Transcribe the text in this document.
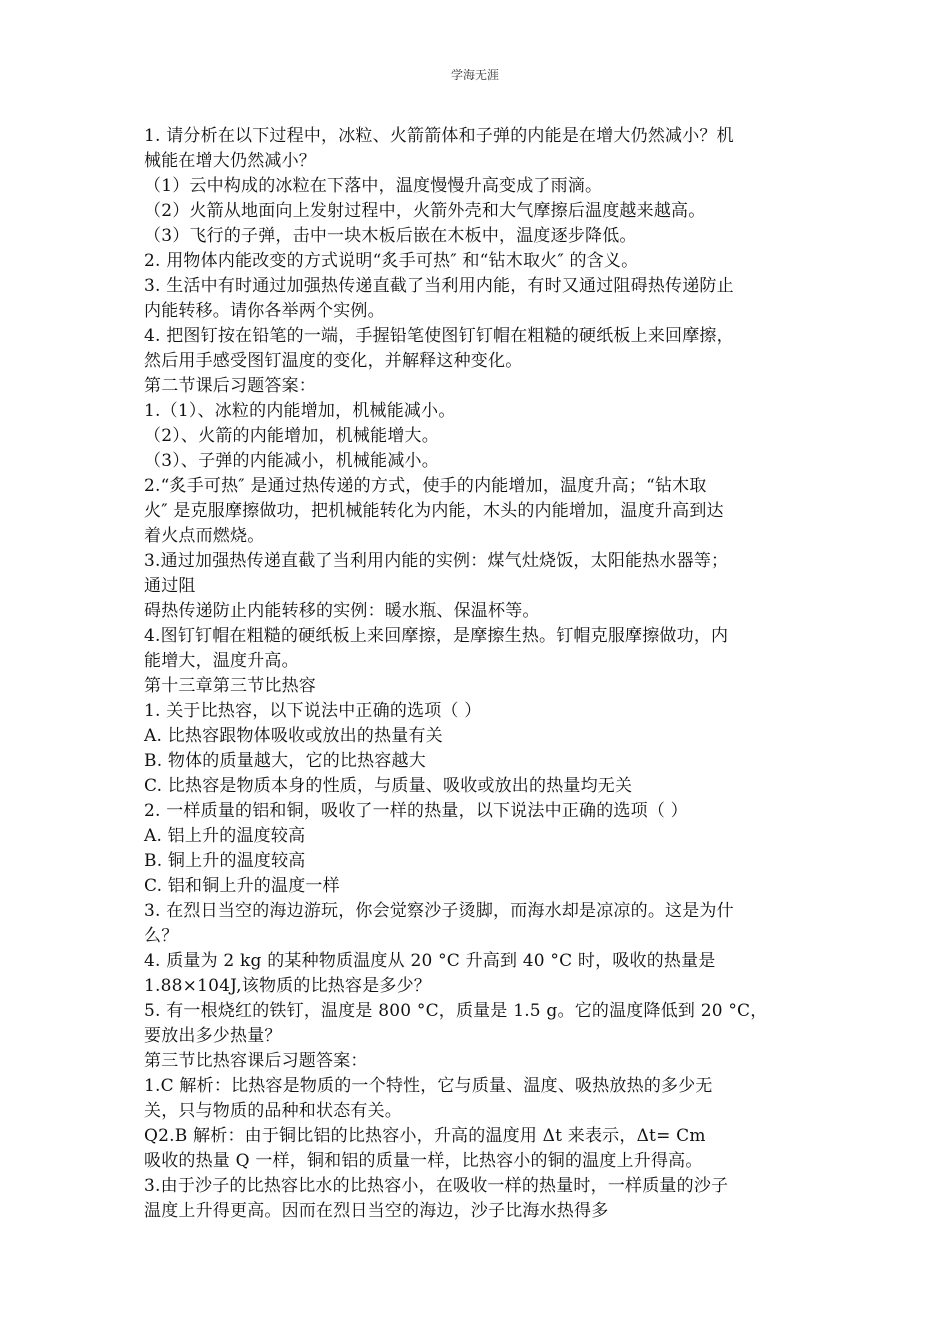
学海无涯
1. 请分析在以下过程中，冰粒、火箭箭体和子弹的内能是在增大仍然减小？机
械能在增大仍然减小？
（1）云中构成的冰粒在下落中，温度慢慢升高变成了雨滴。
（2）火箭从地面向上发射过程中，火箭外壳和大气摩擦后温度越来越高。
（3）飞行的子弹，击中一块木板后嵌在木板中，温度逐步降低。
2. 用物体内能改变的方式说明“炙手可热″ 和“钻木取火″ 的含义。
3. 生活中有时通过加强热传递直截了当利用内能，有时又通过阻碍热传递防止
内能转移。请你各举两个实例。
4. 把图钉按在铅笔的一端，手握铅笔使图钉钉帽在粗糙的硬纸板上来回摩擦，
然后用手感受图钉温度的变化，并解释这种变化。
第二节课后习题答案：
1.（1）、冰粒的内能增加，机械能减小。
（2）、火箭的内能增加，机械能增大。
（3）、子弹的内能减小，机械能减小。
2.“炙手可热″ 是通过热传递的方式，使手的内能增加，温度升高；“钻木取
火″ 是克服摩擦做功，把机械能转化为内能，木头的内能增加，温度升高到达
着火点而燃烧。
3.通过加强热传递直截了当利用内能的实例：煤气灶烧饭，太阳能热水器等；
通过阻
碍热传递防止内能转移的实例：暖水瓶、保温杯等。
4.图钉钉帽在粗糙的硬纸板上来回摩擦，是摩擦生热。钉帽克服摩擦做功，内
能增大，温度升高。
第十三章第三节比热容
1. 关于比热容，以下说法中正确的选项（ ）
A. 比热容跟物体吸收或放出的热量有关
B. 物体的质量越大，它的比热容越大
C. 比热容是物质本身的性质，与质量、吸收或放出的热量均无关
2. 一样质量的铝和铜，吸收了一样的热量，以下说法中正确的选项（ ）
A. 铝上升的温度较高
B. 铜上升的温度较高
C. 铝和铜上升的温度一样
3. 在烈日当空的海边游玩，你会觉察沙子烫脚，而海水却是凉凉的。这是为什
么？
4. 质量为 2 kg 的某种物质温度从 20 °C 升高到 40 °C 时，吸收的热量是
1.88×104J,该物质的比热容是多少？
5. 有一根烧红的铁钉，温度是 800 °C，质量是 1.5 g。它的温度降低到 20 °C，
要放出多少热量？
第三节比热容课后习题答案：
1.C 解析：比热容是物质的一个特性，它与质量、温度、吸热放热的多少无
关，只与物质的品种和状态有关。
Q2.B 解析：由于铜比铝的比热容小，升高的温度用 Δt 来表示，Δt= Cm
吸收的热量 Q 一样，铜和铝的质量一样，比热容小的铜的温度上升得高。
3.由于沙子的比热容比水的比热容小，在吸收一样的热量时，一样质量的沙子
温度上升得更高。因而在烈日当空的海边，沙子比海水热得多
